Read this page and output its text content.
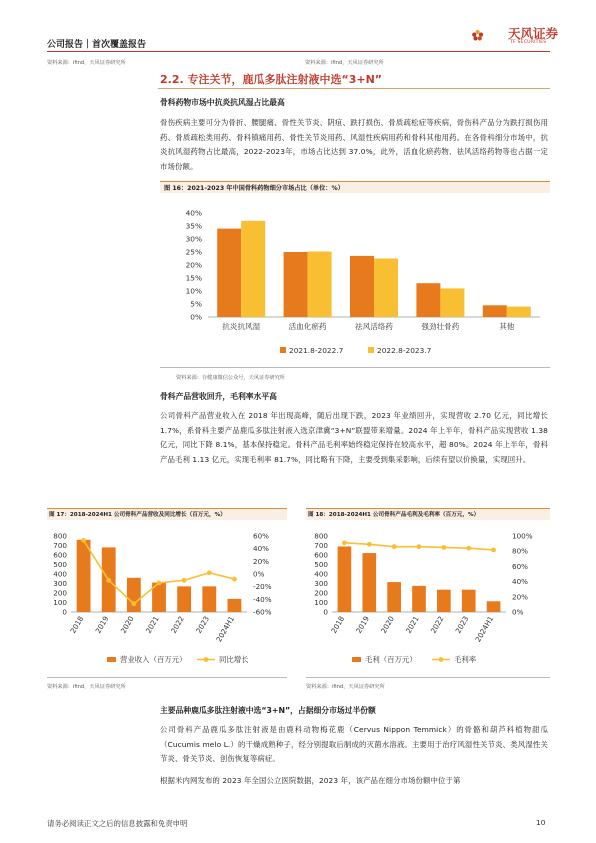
公司报告｜首次覆盖报告
天风证券
TF SECURITIES
资料来源：ifind，天风证券研究所	资料来源：ifind，天风证券研究所
2.2. 专注关节，鹿瓜多肽注射液中选“3+N”
骨科药物市场中抗炎抗风湿占比最高
骨伤疾病主要可分为骨折、腰腿痛、骨性关节炎、阴疽、跌打损伤、骨质疏松症等疾病，骨伤科产品分为跌打损伤用药、骨质疏松类用药、骨科镇痛用药、骨性关节炎用药、风湿性疾病用药和骨科其他用药。在各骨科细分市场中，抗炎抗风湿药物占比最高，2022-2023年，市场占比达到 37.0%，此外，活血化瘀药物、祛风活络药物等也占据一定市场份额。
图 16：2021-2023 年中国骨科药物细分市场占比（单位：%）
0%
5%
10%
15%
20%
25%
30%
35%
40%
抗炎抗风湿	活血化瘀药	祛风活络药	强劲壮骨药	其他
2021.8-2022.7	2022.8-2023.7
资料来源：存健康微信公众号，天风证券研究所
骨科产品营收回升，毛利率水平高
公司骨科产品营业收入在 2018 年出现高峰，随后出现下跌，2023 年业绩回升，实现营收 2.70 亿元，同比增长 1.7%，系骨科主要产品鹿瓜多肽注射液入选京津冀“3+N”联盟带来增量。2024 年上半年，骨科产品实现营收 1.38 亿元，同比下降 8.1%，基本保持稳定。骨科产品毛利率始终稳定保持在较高水平，超 80%。2024 年上半年，骨科产品毛利 1.13 亿元，实现毛利率 81.7%，同比略有下降，主要受到集采影响，后续有望以价换量，实现回升。
图 17：2018-2024H1 公司骨科产品营收及同比增长（百万元，%）
0
100
200
300
400
500
600
700
800
-60%
-40%
-20%
0%
20%
40%
60%
2018 2019 2020 2021 2022 2023 2024H1
营业收入（百万元）	同比增长
资料来源：ifind，天风证券研究所
图 18：2018-2024H1 公司骨科产品毛利及毛利率（百万元，%）
0
100
200
300
400
500
600
700
800
0%
20%
40%
60%
80%
100%
2018 2019 2020 2021 2022 2023 2024H1
毛利（百万元）	毛利率
资料来源：ifind，天风证券研究所
主要品种鹿瓜多肽注射液中选“3+N”，占据细分市场过半份额
公司骨科产品鹿瓜多肽注射液是由鹿科动物梅花鹿（Cervus Nippon Temmick）的骨骼和葫芦科植物甜瓜（Cucumis melo L.）的干燥成熟种子，经分别提取后制成的灭菌水溶液。主要用于治疗风湿性关节炎、类风湿性关节炎、骨关节炎、创伤恢复等病症。
根据米内网发布的 2023 年全国公立医院数据，2023 年，该产品在细分市场份额中位于第
请务必阅读正文之后的信息披露和免责申明	10
